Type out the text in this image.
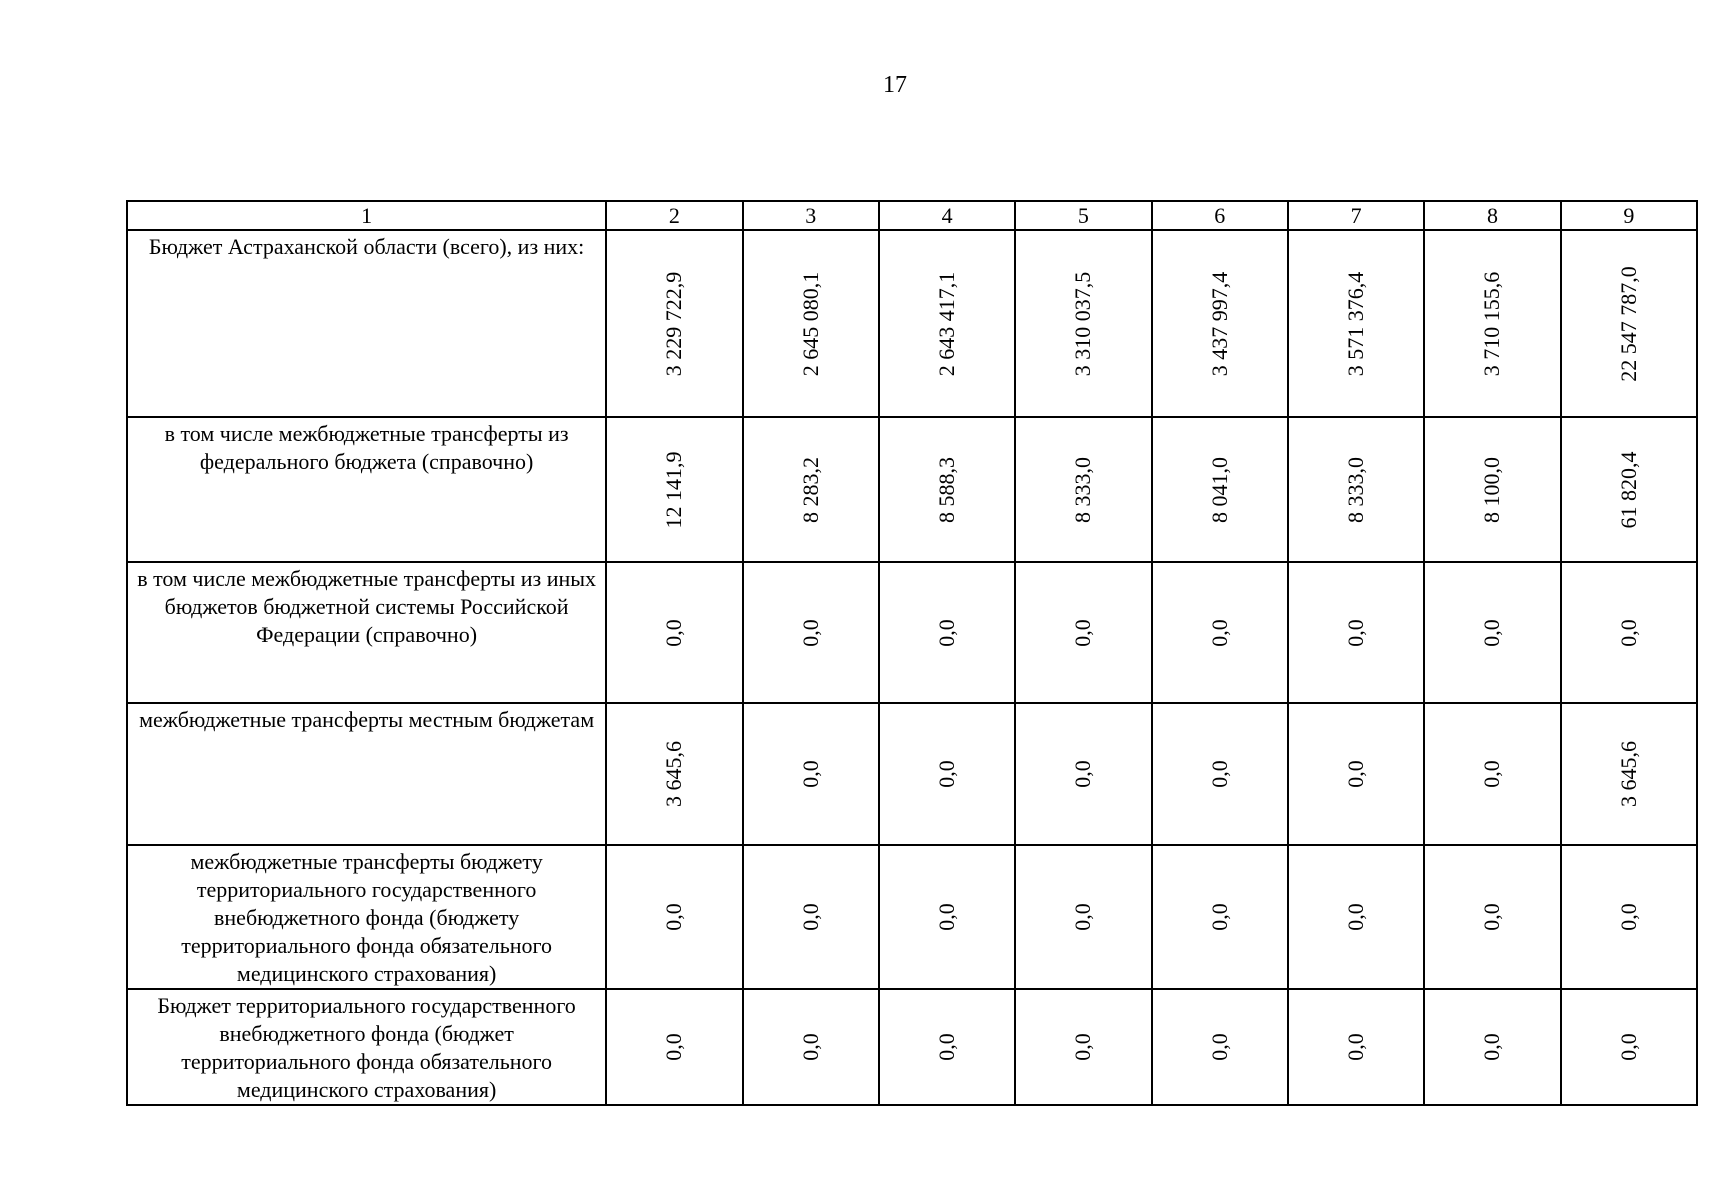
17
1	2	3	4	5	6	7	8	9
Бюджет Астраханской области (всего), из них:	3 229 722,9	2 645 080,1	2 643 417,1	3 310 037,5	3 437 997,4	3 571 376,4	3 710 155,6	22 547 787,0

в том числе межбюджетные трансферты из федерального бюджета (справочно)	12 141,9	8 283,2	8 588,3	8 333,0	8 041,0	8 333,0	8 100,0	61 820,4

в том числе межбюджетные трансферты из иных бюджетов бюджетной системы Российской Федерации (справочно)	0,0	0,0	0,0	0,0	0,0	0,0	0,0	0,0

межбюджетные трансферты местным бюджетам	3 645,6	0,0	0,0	0,0	0,0	0,0	0,0	3 645,6

межбюджетные трансферты бюджету территориального государственного внебюджетного фонда (бюджету территориального фонда обязательного медицинского страхования)	0,0	0,0	0,0	0,0	0,0	0,0	0,0	0,0

Бюджет территориального государственного внебюджетного фонда (бюджет территориального фонда обязательного медицинского страхования)	0,0	0,0	0,0	0,0	0,0	0,0	0,0	0,0
